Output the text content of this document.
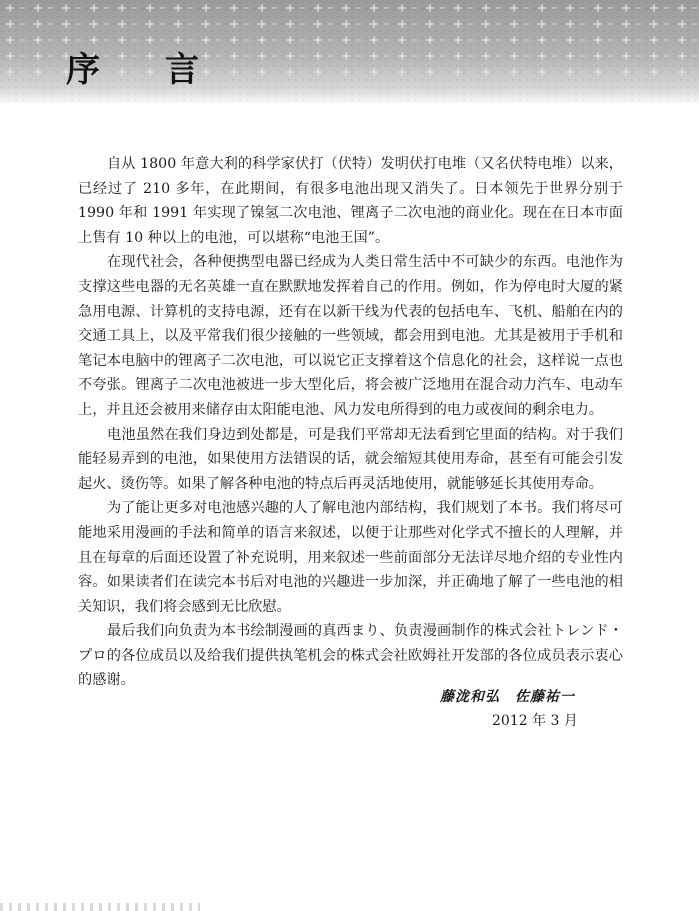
序 言

自从 1800 年意大利的科学家伏打（伏特）发明伏打电堆（又名伏特电堆）以来，已经过了 210 多年，在此期间，有很多电池出现又消失了。日本领先于世界分别于 1990 年和 1991 年实现了镍氢二次电池、锂离子二次电池的商业化。现在在日本市面上售有 10 种以上的电池，可以堪称“电池王国”。

在现代社会，各种便携型电器已经成为人类日常生活中不可缺少的东西。电池作为支撑这些电器的无名英雄一直在默默地发挥着自己的作用。例如，作为停电时大厦的紧急用电源、计算机的支持电源，还有在以新干线为代表的包括电车、飞机、船舶在内的交通工具上，以及平常我们很少接触的一些领域，都会用到电池。尤其是被用于手机和笔记本电脑中的锂离子二次电池，可以说它正支撑着这个信息化的社会，这样说一点也不夸张。锂离子二次电池被进一步大型化后，将会被广泛地用在混合动力汽车、电动车上，并且还会被用来储存由太阳能电池、风力发电所得到的电力或夜间的剩余电力。

电池虽然在我们身边到处都是，可是我们平常却无法看到它里面的结构。对于我们能轻易弄到的电池，如果使用方法错误的话，就会缩短其使用寿命，甚至有可能会引发起火、烫伤等。如果了解各种电池的特点后再灵活地使用，就能够延长其使用寿命。

为了能让更多对电池感兴趣的人了解电池内部结构，我们规划了本书。我们将尽可能地采用漫画的手法和简单的语言来叙述，以便于让那些对化学式不擅长的人理解，并且在每章的后面还设置了补充说明，用来叙述一些前面部分无法详尽地介绍的专业性内容。如果读者们在读完本书后对电池的兴趣进一步加深，并正确地了解了一些电池的相关知识，我们将会感到无比欣慰。

最后我们向负责为本书绘制漫画的真西まり、负责漫画制作的株式会社トレンド・プロ的各位成员以及给我们提供执笔机会的株式会社欧姆社开发部的各位成员表示衷心的感谢。

藤泷和弘　佐藤祐一
2012 年 3 月
